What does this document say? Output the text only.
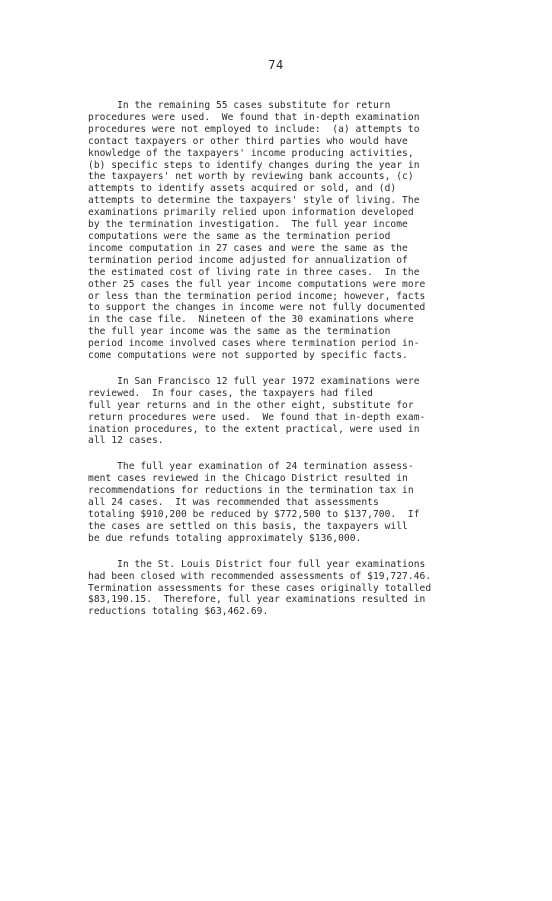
74
In the remaining 55 cases substitute for return
procedures were used.  We found that in-depth examination
procedures were not employed to include:  (a) attempts to
contact taxpayers or other third parties who would have
knowledge of the taxpayers' income producing activities,
(b) specific steps to identify changes during the year in
the taxpayers' net worth by reviewing bank accounts, (c)
attempts to identify assets acquired or sold, and (d)
attempts to determine the taxpayers' style of living. The
examinations primarily relied upon information developed
by the termination investigation.  The full year income
computations were the same as the termination period
income computation in 27 cases and were the same as the
termination period income adjusted for annualization of
the estimated cost of living rate in three cases.  In the
other 25 cases the full year income computations were more
or less than the termination period income; however, facts
to support the changes in income were not fully documented
in the case file.  Nineteen of the 30 examinations where
the full year income was the same as the termination
period income involved cases where termination period in-
come computations were not supported by specific facts.
In San Francisco 12 full year 1972 examinations were
reviewed.  In four cases, the taxpayers had filed
full year returns and in the other eight, substitute for
return procedures were used.  We found that in-depth exam-
ination procedures, to the extent practical, were used in
all 12 cases.
The full year examination of 24 termination assess-
ment cases reviewed in the Chicago District resulted in
recommendations for reductions in the termination tax in
all 24 cases.  It was recommended that assessments
totaling $910,200 be reduced by $772,500 to $137,700.  If
the cases are settled on this basis, the taxpayers will
be due refunds totaling approximately $136,000.
In the St. Louis District four full year examinations
had been closed with recommended assessments of $19,727.46.
Termination assessments for these cases originally totalled
$83,190.15.  Therefore, full year examinations resulted in
reductions totaling $63,462.69.
